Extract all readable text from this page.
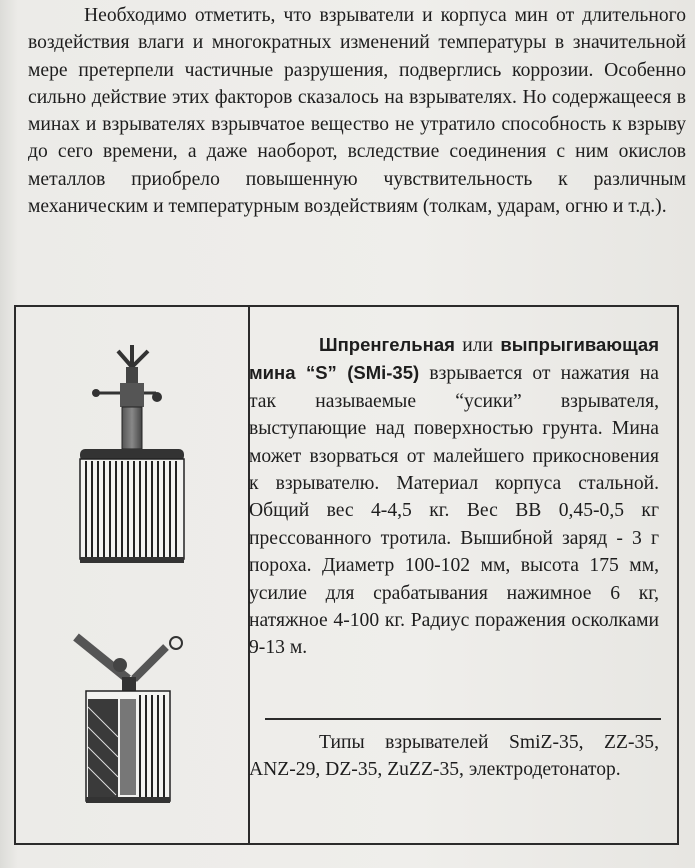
Необходимо отметить, что взрыватели и корпуса мин от длительного воздействия влаги и многократных изменений температуры в значительной мере претерпели частичные разрушения, подверглись коррозии. Особенно сильно действие этих факторов сказалось на взрывателях. Но содержащееся в минах и взрывателях взрывчатое вещество не утратило способность к взрыву до сего времени, а даже наоборот, вследствие соединения с ним окислов металлов приобрело повышенную чувствительность к различным механическим и температурным воздействиям (толкам, ударам, огню и т.д.).

Шпренгельная или выпрыгивающая мина “S” (SMi-35) взрывается от нажатия на так называемые “усики” взрывателя, выступающие над поверхностью грунта. Мина может взорваться от малейшего прикосновения к взрывателю. Материал корпуса стальной. Общий вес 4-4,5 кг. Вес ВВ 0,45-0,5 кг прессованного тротила. Вышибной заряд - 3 г пороха. Диаметр 100-102 мм, высота 175 мм, усилие для срабатывания нажимное 6 кг, натяжное 4-100 кг. Радиус поражения осколками 9-13 м.

Типы взрывателей SmiZ-35, ZZ-35, ANZ-29, DZ-35, ZuZZ-35, электродетонатор.
